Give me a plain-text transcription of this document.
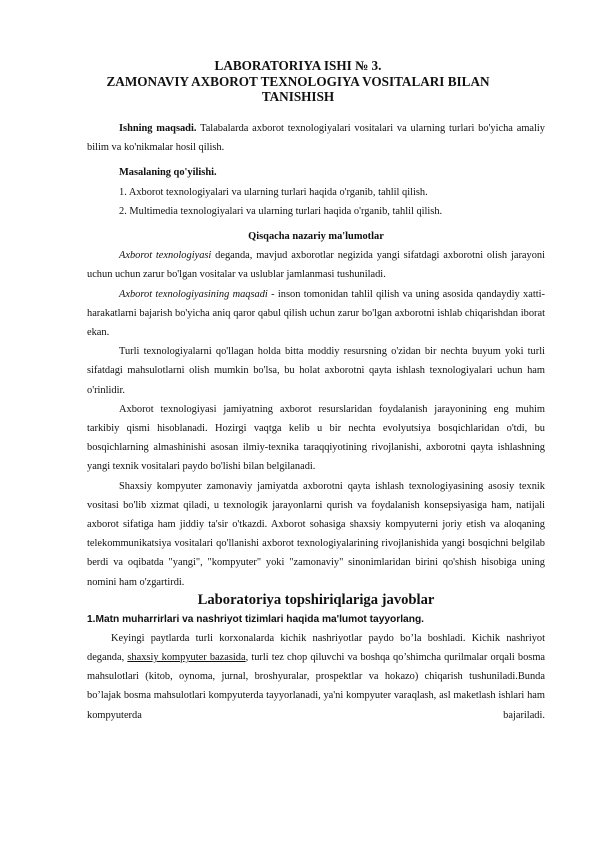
LABORATORIYA ISHI № 3.
ZAMONAVIY AXBOROT TEXNOLOGIYA VOSITALARI BILAN
TANISHISH

Ishning maqsadi. Talabalarda axborot texnologiyalari vositalari va ularning turlari bo'yicha amaliy bilim va ko'nikmalar hosil qilish.

Masalaning qo'yilishi.

1. Axborot texnologiyalari va ularning turlari haqida o'rganib, tahlil qilish.

2. Multimedia texnologiyalari va ularning turlari haqida o'rganib, tahlil qilish.

Qisqacha nazariy ma'lumotlar

Axborot texnologiyasi deganda, mavjud axborotlar negizida yangi sifatdagi axborotni olish jarayoni uchun uchun zarur bo'lgan vositalar va uslublar jamlanmasi tushuniladi.

Axborot texnologiyasining maqsadi - inson tomonidan tahlil qilish va uning asosida qandaydiy xatti-harakatlarni bajarish bo'yicha aniq qaror qabul qilish uchun zarur bo'lgan axborotni ishlab chiqarishdan iborat ekan.

Turli texnologiyalarni qo'llagan holda bitta moddiy resursning o'zidan bir nechta buyum yoki turli sifatdagi mahsulotlarni olish mumkin bo'lsa, bu holat axborotni qayta ishlash texnologiyalari uchun ham o'rinlidir.

Axborot texnologiyasi jamiyatning axborot resurslaridan foydalanish jarayonining eng muhim tarkibiy qismi hisoblanadi. Hozirgi vaqtga kelib u bir nechta evolyutsiya bosqichlaridan o'tdi, bu bosqichlarning almashinishi asosan ilmiy-texnika taraqqiyotining rivojlanishi, axborotni qayta ishlashning yangi texnik vositalari paydo bo'lishi bilan belgilanadi.

Shaxsiy kompyuter zamonaviy jamiyatda axborotni qayta ishlash texnologiyasining asosiy texnik vositasi bo'lib xizmat qiladi, u texnologik jarayonlarni qurish va foydalanish konsepsiyasiga ham, natijali axborot sifatiga ham jiddiy ta'sir o'tkazdi. Axborot sohasiga shaxsiy kompyuterni joriy etish va aloqaning telekommunikatsiya vositalari qo'llanishi axborot texnologiyalarining rivojlanishida yangi bosqichni belgilab berdi va oqibatda "yangi", "kompyuter" yoki "zamonaviy" sinonimlaridan birini qo'shish hisobiga uning nomini ham o'zgartirdi.

Laboratoriya topshiriqlariga javoblar

1.Matn muharrirlari va nashriyot tizimlari haqida ma'lumot tayyorlang.

Keyingi paytlarda turli korxonalarda kichik nashriyotlar paydo bo’la boshladi. Kichik nashriyot deganda, shaxsiy kompyuter bazasida, turli tez chop qiluvchi va boshqa qo’shimcha qurilmalar orqali bosma mahsulotlari (kitob, oynoma, jurnal, broshyuralar, prospektlar va hokazo) chiqarish tushuniladi.Bunda bo’lajak bosma mahsulotlari kompyuterda tayyorlanadi, ya'ni kompyuter varaqlash, asl maketlash ishlari ham kompyuterda bajariladi.
